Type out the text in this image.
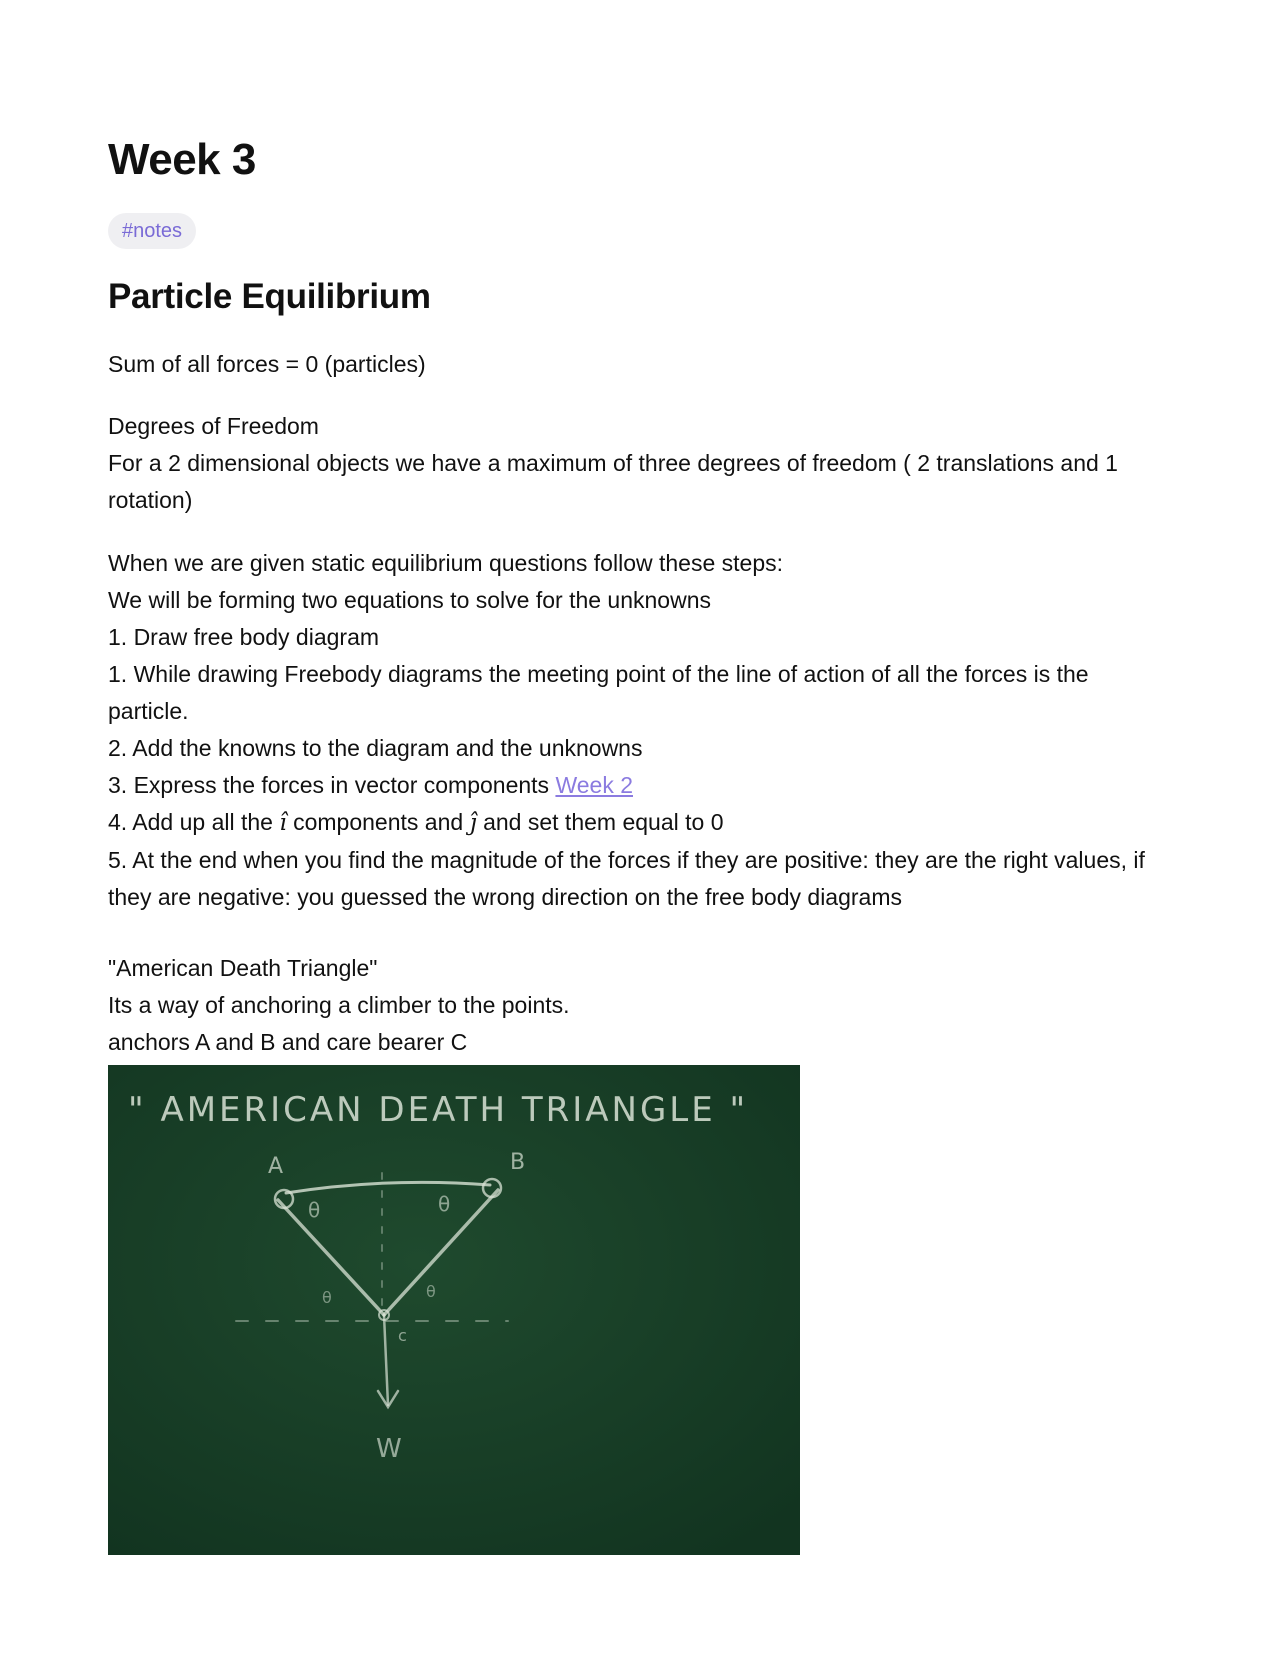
Week 3
#notes
Particle Equilibrium
Sum of all forces = 0 (particles)
Degrees of Freedom
For a 2 dimensional objects we have a maximum of three degrees of freedom ( 2 translations and 1 rotation)
When we are given static equilibrium questions follow these steps:
We will be forming two equations to solve for the unknowns
1. Draw free body diagram
1. While drawing Freebody diagrams the meeting point of the line of action of all the forces is the particle.
2. Add the knowns to the diagram and the unknowns
3. Express the forces in vector components Week 2
4. Add up all the î components and ĵ and set them equal to 0
5. At the end when you find the magnitude of the forces if they are positive: they are the right values, if they are negative: you guessed the wrong direction on the free body diagrams
"American Death Triangle"
Its a way of anchoring a climber to the points.
anchors A and B and care bearer C
" AMERICAN DEATH TRIANGLE "
A	B
c
W
θ	θ
θ	θ
